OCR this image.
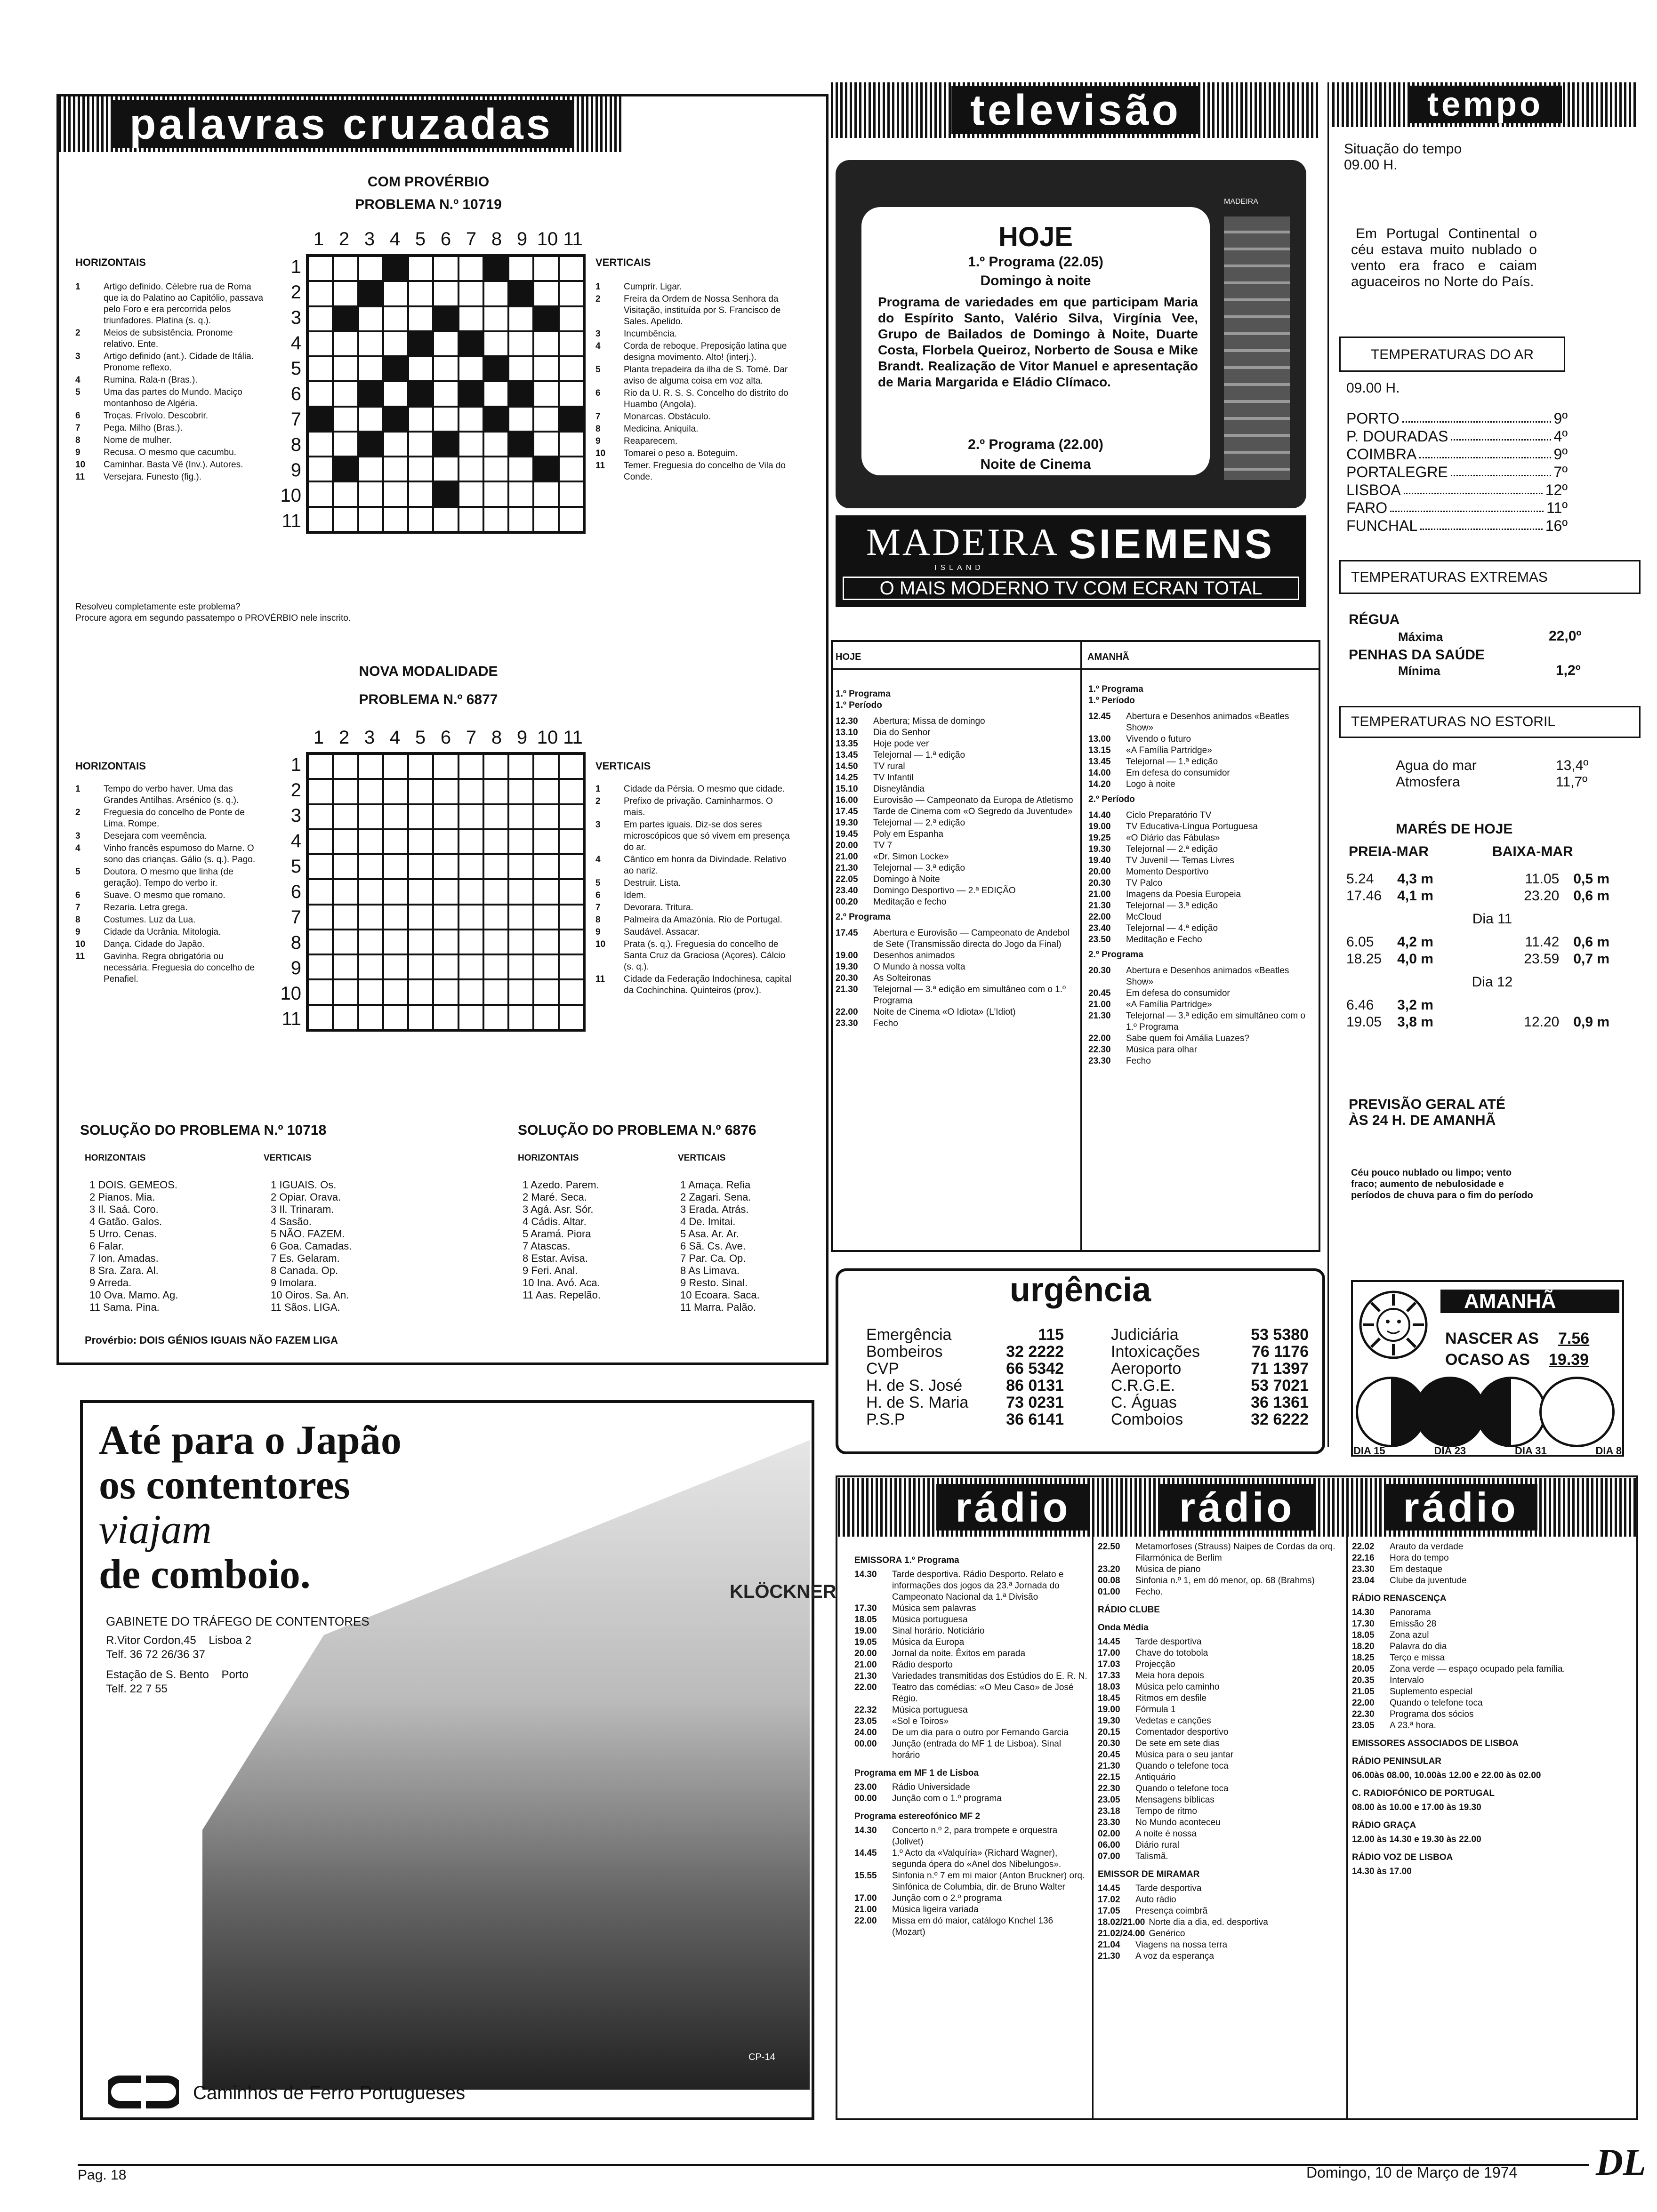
palavras cruzadas
COM PROVÉRBIO
PROBLEMA N.º 10719
HORIZONTAIS
1	Artigo definido. Célebre rua de Roma que ia do Palatino ao Capitólio, passava pelo Foro e era percorrida pelos triunfadores. Platina (s. q.).
2	Meios de subsistência. Pronome relativo. Ente.
3	Artigo definido (ant.). Cidade de Itália. Pronome reflexo.
4	Rumina. Rala-n (Bras.).
5	Uma das partes do Mundo. Maciço montanhoso de Algéria.
6	Troças. Frívolo. Descobrir.
7	Pega. Milho (Bras.).
8	Nome de mulher.
9	Recusa. O mesmo que cacumbu.
10	Caminhar. Basta Vê (Inv.). Autores.
11	Versejara. Funesto (fig.).
VERTICAIS
1	Cumprir. Ligar.
2	Freira da Ordem de Nossa Senhora da Visitação, instituída por S. Francisco de Sales. Apelido.
3	Incumbência.
4	Corda de reboque. Preposição latina que designa movimento. Alto! (interj.).
5	Planta trepadeira da ilha de S. Tomé. Dar aviso de alguma coisa em voz alta.
6	Rio da U. R. S. S. Concelho do distrito do Huambo (Angola).
7	Monarcas. Obstáculo.
8	Medicina. Aniquila.
9	Reaparecem.
10	Tomarei o peso a. Boteguim.
11	Temer. Freguesia do concelho de Vila do Conde.
1 2 3 4 5 6 7 8 9 10 11
1
2
3
4
5
6
7
8
9
10
11
Resolveu completamente este problema?
Procure agora em segundo passatempo o PROVÉRBIO nele inscrito.
NOVA MODALIDADE
PROBLEMA N.º 6877
HORIZONTAIS
1	Tempo do verbo haver. Uma das Grandes Antilhas. Arsénico (s. q.).
2	Freguesia do concelho de Ponte de Lima. Rompe.
3	Desejara com veemência.
4	Vinho francês espumoso do Marne. O sono das crianças. Gálio (s. q.). Pago.
5	Doutora. O mesmo que linha (de geração). Tempo do verbo ir.
6	Suave. O mesmo que romano.
7	Rezaria. Letra grega.
8	Costumes. Luz da Lua.
9	Cidade da Ucrânia. Mitologia.
10	Dança. Cidade do Japão.
11	Gavinha. Regra obrigatória ou necessária. Freguesia do concelho de Penafiel.
VERTICAIS
1	Cidade da Pérsia. O mesmo que cidade.
2	Prefixo de privação. Caminharmos. O mais.
3	Em partes iguais. Diz-se dos seres microscópicos que só vivem em presença do ar.
4	Cântico em honra da Divindade. Relativo ao nariz.
5	Destruir. Lista.
6	Idem.
7	Devorara. Tritura.
8	Palmeira da Amazónia. Rio de Portugal.
9	Saudável. Assacar.
10	Prata (s. q.). Freguesia do concelho de Santa Cruz da Graciosa (Açores). Cálcio (s. q.).
11	Cidade da Federação Indochinesa, capital da Cochinchina. Quinteiros (prov.).
1 2 3 4 5 6 7 8 9 10 11
1
2
3
4
5
6
7
8
9
10
11
SOLUÇÃO DO PROBLEMA N.º 10718
HORIZONTAIS	VERTICAIS
1 DOIS. GEMEOS.
2 Pianos. Mia.
3 Il. Saá. Coro.
4 Gatão. Galos.
5 Urro. Cenas.
6 Falar.
7 Ion. Amadas.
8 Sra. Zara. Al.
9 Arreda.
10 Ova. Mamo. Ag.
11 Sama. Pina.
1 IGUAIS. Os.
2 Opiar. Orava.
3 Il. Trinaram.
4 Sasão.
5 NÃO. FAZEM.
6 Goa. Camadas.
7 Es. Gelaram.
8 Canada. Op.
9 Imolara.
10 Oiros. Sa. An.
11 Sãos. LIGA.
SOLUÇÃO DO PROBLEMA N.º 6876
HORIZONTAIS	VERTICAIS
1 Azedo. Parem.
2 Maré. Seca.
3 Agá. Asr. Sór.
4 Cádis. Altar.
5 Aramá. Piora
7 Atascas.
8 Estar. Avisa.
9 Feri. Anal.
10 Ina. Avó. Aca.
11 Aas. Repelão.
1 Amaça. Refia
2 Zagari. Sena.
3 Erada. Atrás.
4 De. Imitai.
5 Asa. Ar. Ar.
6 Sã. Cs. Ave.
7 Par. Ca. Op.
8 As Limava.
9 Resto. Sinal.
10 Ecoara. Saca.
11 Marra. Palão.
Provérbio: DOIS GÉNIOS IGUAIS NÃO FAZEM LIGA
KLÖCKNER
Até para o Japão
os contentores
viajam
de comboio.
GABINETE DO TRÁFEGO DE CONTENTORES
R.Vitor Cordon,45    Lisboa 2
Telf. 36 72 26/36 37
Estação de S. Bento    Porto
Telf. 22 7 55
CP-14
Caminhos de Ferro Portugueses
televisão
MADEIRA
HOJE
1.º Programa (22.05)
Domingo à noite
Programa de variedades em que participam Maria do Espírito Santo, Valério Silva, Virgínia Vee, Grupo de Bailados de Domingo à Noite, Duarte Costa, Florbela Queiroz, Norberto de Sousa e Mike Brandt. Realização de Vitor Manuel e apresentação de Maria Margarida e Eládio Clímaco.
2.º Programa (22.00)
Noite de Cinema
MADEIRA
ISLAND
SIEMENS
O MAIS MODERNO TV COM ECRAN TOTAL
HOJE	AMANHÃ
1.º Programa
1.º Período
12.30	Abertura; Missa de domingo
13.10	Dia do Senhor
13.35	Hoje pode ver
13.45	Telejornal — 1.ª edição
14.50	TV rural
14.25	TV Infantil
15.10	Disneylândia
16.00	Eurovisão — Campeonato da Europa de Atletismo
17.45	Tarde de Cinema com «O Segredo da Juventude»
19.30	Telejornal — 2.ª edição
19.45	Poly em Espanha
20.00	TV 7
21.00	«Dr. Simon Locke»
21.30	Telejornal — 3.ª edição
22.05	Domingo à Noite
23.40	Domingo Desportivo — 2.ª EDIÇÃO
00.20	Meditação e fecho
2.º Programa
17.45	Abertura e Eurovisão — Campeonato de Andebol de Sete (Transmissão directa do Jogo da Final)
19.00	Desenhos animados
19.30	O Mundo à nossa volta
20.30	As Solteironas
21.30	Telejornal — 3.ª edição em simultâneo com o 1.º Programa
22.00	Noite de Cinema «O Idiota» (L'Idiot)
23.30	Fecho
1.º Programa
1.º Período
12.45	Abertura e Desenhos animados «Beatles Show»
13.00	Vivendo o futuro
13.15	«A Família Partridge»
13.45	Telejornal — 1.ª edição
14.00	Em defesa do consumidor
14.20	Logo à noite
2.º Período
14.40	Ciclo Preparatório TV
19.00	TV Educativa-Língua Portuguesa
19.25	«O Diário das Fábulas»
19.30	Telejornal — 2.ª edição
19.40	TV Juvenil — Temas Livres
20.00	Momento Desportivo
20.30	TV Palco
21.00	Imagens da Poesia Europeia
21.30	Telejornal — 3.ª edição
22.00	McCloud
23.40	Telejornal — 4.ª edição
23.50	Meditação e Fecho
2.º Programa
20.30	Abertura e Desenhos animados «Beatles Show»
20.45	Em defesa do consumidor
21.00	«A Família Partridge»
21.30	Telejornal — 3.ª edição em simultâneo com o 1.º Programa
22.00	Sabe quem foi Amália Luazes?
22.30	Música para olhar
23.30	Fecho
urgência
Emergência	115
Bombeiros	32 2222
CVP	66 5342
H. de S. José	86 0131
H. de S. Maria	73 0231
P.S.P	36 6141
Judiciária	53 5380
Intoxicações	76 1176
Aeroporto	71 1397
C.R.G.E.	53 7021
C. Águas	36 1361
Comboios	32 6222
rádio	rádio	rádio
EMISSORA 1.º Programa
14.30	Tarde desportiva. Rádio Desporto. Relato e informações dos jogos da 23.ª Jornada do Campeonato Nacional da 1.ª Divisão
17.30	Música sem palavras
18.05	Música portuguesa
19.00	Sinal horário. Noticiário
19.05	Música da Europa
20.00	Jornal da noite. Êxitos em parada
21.00	Rádio desporto
21.30	Variedades transmitidas dos Estúdios do E. R. N.
22.00	Teatro das comédias: «O Meu Caso» de José Régio.
22.32	Música portuguesa
23.05	«Sol e Toiros»
24.00	De um dia para o outro por Fernando Garcia
00.00	Junção (entrada do MF 1 de Lisboa). Sinal horário
Programa em MF 1 de Lisboa
23.00	Rádio Universidade
00.00	Junção com o 1.º programa
Programa estereofónico MF 2
14.30	Concerto n.º 2, para trompete e orquestra (Jolivet)
14.45	1.º Acto da «Valquíria» (Richard Wagner), segunda ópera do «Anel dos Nibelungos».
15.55	Sinfonia n.º 7 em mi maior (Anton Bruckner) orq. Sinfónica de Columbia, dir. de Bruno Walter
17.00	Junção com o 2.º programa
21.00	Música ligeira variada
22.00	Missa em dó maior, catálogo Knchel 136 (Mozart)
22.50	Metamorfoses (Strauss) Naipes de Cordas da orq. Filarmónica de Berlim
23.20	Música de piano
00.08	Sinfonia n.º 1, em dó menor, op. 68 (Brahms)
01.00	Fecho.
RÁDIO CLUBE
Onda Média
14.45	Tarde desportiva
17.00	Chave do totobola
17.03	Projecção
17.33	Meia hora depois
18.03	Música pelo caminho
18.45	Ritmos em desfile
19.00	Fórmula 1
19.30	Vedetas e canções
20.15	Comentador desportivo
20.30	De sete em sete dias
20.45	Música para o seu jantar
21.30	Quando o telefone toca
22.15	Antiquário
22.30	Quando o telefone toca
23.05	Mensagens bíblicas
23.18	Tempo de ritmo
23.30	No Mundo aconteceu
02.00	A noite é nossa
06.00	Diário rural
07.00	Talismã.
EMISSOR DE MIRAMAR
14.45	Tarde desportiva
17.02	Auto rádio
17.05	Presença coimbrã
18.02/21.00 Norte dia a dia, ed. desportiva
21.02/24.00 Genérico
21.04	Viagens na nossa terra
21.30	A voz da esperança
22.02	Arauto da verdade
22.16	Hora do tempo
23.30	Em destaque
23.04	Clube da juventude
RÁDIO RENASCENÇA
14.30	Panorama
17.30	Emissão 28
18.05	Zona azul
18.20	Palavra do dia
18.25	Terço e missa
20.05	Zona verde — espaço ocupado pela família.
20.35	Intervalo
21.05	Suplemento especial
22.00	Quando o telefone toca
22.30	Programa dos sócios
23.05	A 23.ª hora.
EMISSORES ASSOCIADOS DE LISBOA
RÁDIO PENINSULAR
06.00às 08.00, 10.00às 12.00 e 22.00 às 02.00
C. RADIOFÓNICO DE PORTUGAL
08.00 às 10.00 e 17.00 às 19.30
RÁDIO GRAÇA
12.00 às 14.30 e 19.30 às 22.00
RÁDIO VOZ DE LISBOA
14.30 às 17.00
tempo
Situação do tempo
09.00 H.
Em Portugal Continental o céu estava muito nublado o vento era fraco e caiam aguaceiros no Norte do País.
TEMPERATURAS DO AR
09.00 H.
PORTO	9º
P. DOURADAS	4º
COIMBRA	9º
PORTALEGRE	7º
LISBOA	12º
FARO	11º
FUNCHAL	16º
TEMPERATURAS EXTREMAS
RÉGUA
Máxima	22,0º
PENHAS DA SAÚDE
Mínima	1,2º
TEMPERATURAS NO ESTORIL
Agua do mar	13,4º
Atmosfera	11,7º
MARÉS DE HOJE
PREIA-MAR	BAIXA-MAR
5.24	4,3 m	11.05	0,5 m
17.46	4,1 m	23.20	0,6 m
Dia 11
6.05	4,2 m	11.42	0,6 m
18.25	4,0 m	23.59	0,7 m
Dia 12
6.46	3,2 m
19.05	3,8 m	12.20	0,9 m
PREVISÃO GERAL ATÉ ÀS 24 H. DE AMANHÃ
Céu pouco nublado ou limpo; vento fraco; aumento de nebulosidade e períodos de chuva para o fim do período
AMANHÃ
NASCER AS 7.56
OCASO AS 19.39
DIA 15	DIA 23	DIA 31	DIA 8
Pag. 18	Domingo, 10 de Março de 1974 DL
